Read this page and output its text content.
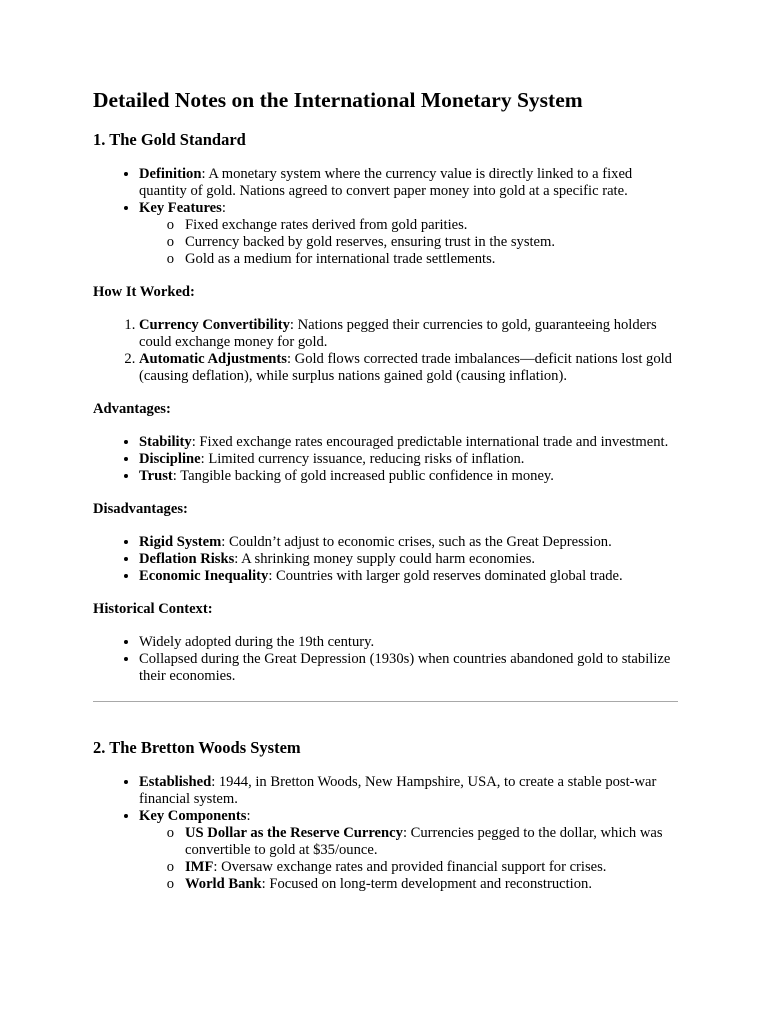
Detailed Notes on the International Monetary System
1. The Gold Standard
• Definition: A monetary system where the currency value is directly linked to a fixed quantity of gold. Nations agreed to convert paper money into gold at a specific rate.
• Key Features:
o Fixed exchange rates derived from gold parities.
o Currency backed by gold reserves, ensuring trust in the system.
o Gold as a medium for international trade settlements.

How It Worked:

1. Currency Convertibility: Nations pegged their currencies to gold, guaranteeing holders could exchange money for gold.
2. Automatic Adjustments: Gold flows corrected trade imbalances—deficit nations lost gold (causing deflation), while surplus nations gained gold (causing inflation).

Advantages:

• Stability: Fixed exchange rates encouraged predictable international trade and investment.
• Discipline: Limited currency issuance, reducing risks of inflation.
• Trust: Tangible backing of gold increased public confidence in money.

Disadvantages:

• Rigid System: Couldn’t adjust to economic crises, such as the Great Depression.
• Deflation Risks: A shrinking money supply could harm economies.
• Economic Inequality: Countries with larger gold reserves dominated global trade.

Historical Context:

• Widely adopted during the 19th century.
• Collapsed during the Great Depression (1930s) when countries abandoned gold to stabilize their economies.
2. The Bretton Woods System
• Established: 1944, in Bretton Woods, New Hampshire, USA, to create a stable post-war financial system.
• Key Components:
o US Dollar as the Reserve Currency: Currencies pegged to the dollar, which was convertible to gold at $35/ounce.
o IMF: Oversaw exchange rates and provided financial support for crises.
o World Bank: Focused on long-term development and reconstruction.
